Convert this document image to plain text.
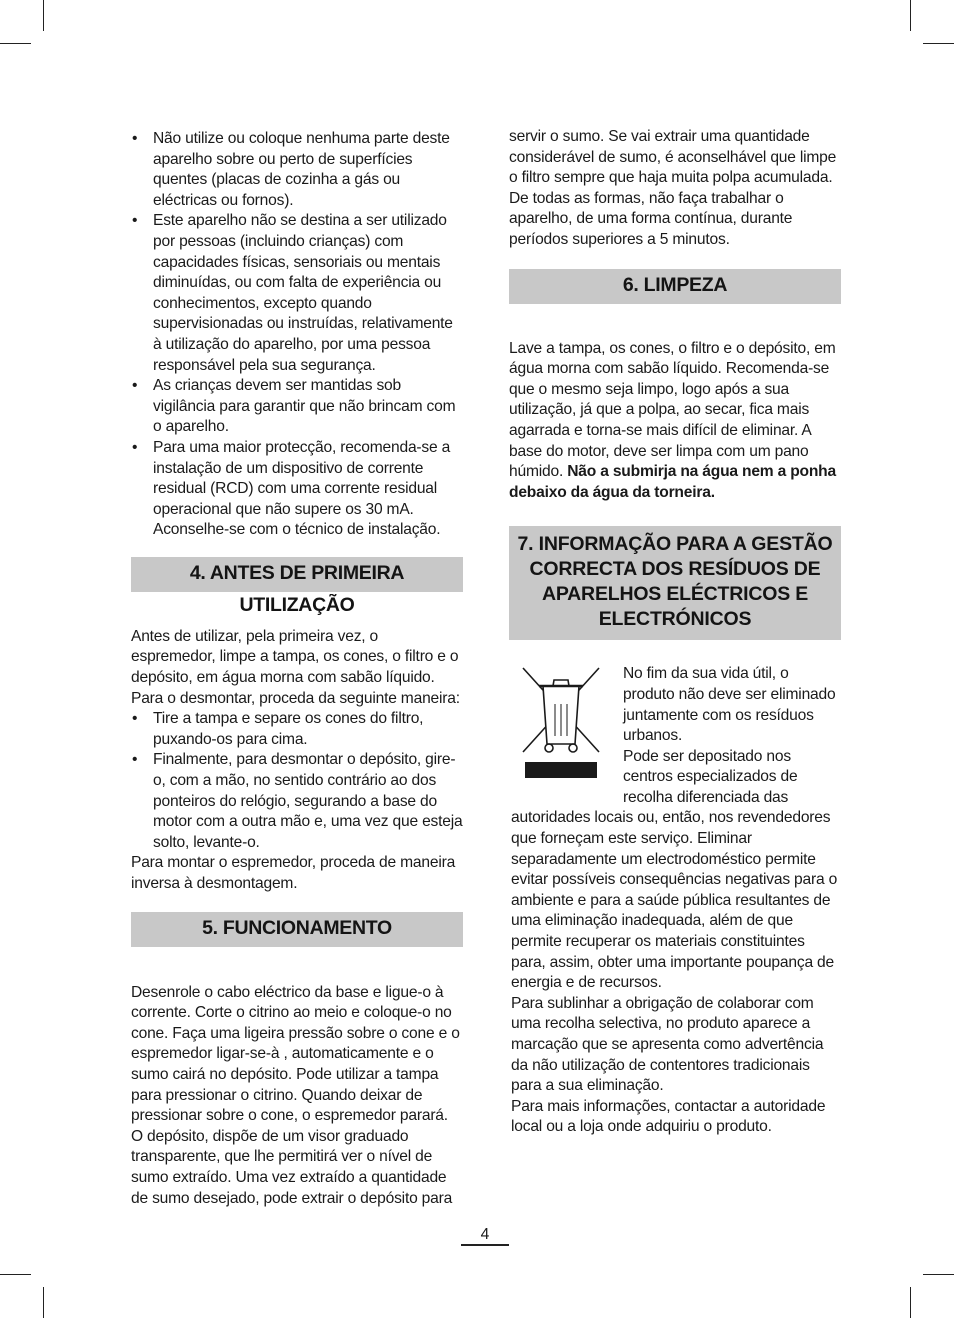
• Não utilize ou coloque nenhuma parte deste aparelho sobre ou perto de superfícies quentes (placas de cozinha a gás ou eléctricas ou fornos).
• Este aparelho não se destina a ser utilizado por pessoas (incluindo crianças) com capacidades físicas, sensoriais ou mentais diminuídas, ou com falta de experiência ou conhecimentos, excepto quando supervisionadas ou instruídas, relativamente à utilização do aparelho, por uma pessoa responsável pela sua segurança.
• As crianças devem ser mantidas sob vigilância para garantir que não brincam com o aparelho.
• Para uma maior protecção, recomenda-se a instalação de um dispositivo de corrente residual (RCD) com uma corrente residual operacional que não supere os 30 mA. Aconselhe-se com o técnico de instalação.
4. ANTES DE PRIMEIRA UTILIZAÇÃO

Antes de utilizar, pela primeira vez, o espremedor, limpe a tampa, os cones, o filtro e o depósito, em água morna com sabão líquido. Para o desmontar, proceda da seguinte maneira:

• Tire a tampa e separe os cones do filtro, puxando-os para cima.
• Finalmente, para desmontar o depósito, gire-o, com a mão, no sentido contrário ao dos ponteiros do relógio, segurando a base do motor com a outra mão e, uma vez que esteja solto, levante-o.

Para montar o espremedor, proceda de maneira inversa à desmontagem.

5. FUNCIONAMENTO

Desenrole o cabo eléctrico da base e ligue-o à corrente. Corte o citrino ao meio e coloque-o no cone. Faça uma ligeira pressão sobre o cone e o espremedor ligar-se-à , automaticamente e o sumo cairá no depósito. Pode utilizar a tampa para pressionar o citrino. Quando deixar de pressionar sobre o cone, o espremedor parará. O depósito, dispõe de um visor graduado transparente, que lhe permitirá ver o nível de sumo extraído. Uma vez extraído a quantidade de sumo desejado, pode extrair o depósito para

servir o sumo. Se vai extrair uma quantidade considerável de sumo, é aconselhável que limpe o filtro sempre que haja muita polpa acumulada. De todas as formas, não faça trabalhar o aparelho, de uma forma contínua, durante períodos superiores a 5 minutos.

6. LIMPEZA

Lave a tampa, os cones, o filtro e o depósito, em água morna com sabão líquido. Recomenda-se que o mesmo seja limpo, logo após a sua utilização, já que a polpa, ao secar, fica mais agarrada e torna-se mais difícil de eliminar. A base do motor, deve ser limpa com um pano húmido. Não a submirja na água nem a ponha debaixo da água da torneira.

7. INFORMAÇÃO PARA A GESTÃO CORRECTA DOS RESÍDUOS DE APARELHOS ELÉCTRICOS E ELECTRÓNICOS

No fim da sua vida útil, o produto não deve ser eliminado juntamente com os resíduos urbanos.

Pode ser depositado nos centros especializados de recolha diferenciada das

autoridades locais ou, então, nos revendedores que forneçam este serviço. Eliminar separadamente um electrodoméstico permite evitar possíveis consequências negativas para o ambiente e para a saúde pública resultantes de uma eliminação inadequada, além de que permite recuperar os materiais constituintes para, assim, obter uma importante poupança de energia e de recursos.

Para sublinhar a obrigação de colaborar com uma recolha selectiva, no produto aparece a marcação que se apresenta como advertência da não utilização de contentores tradicionais para a sua eliminação.

Para mais informações, contactar a autoridade local ou a loja onde adquiriu o produto.

4
